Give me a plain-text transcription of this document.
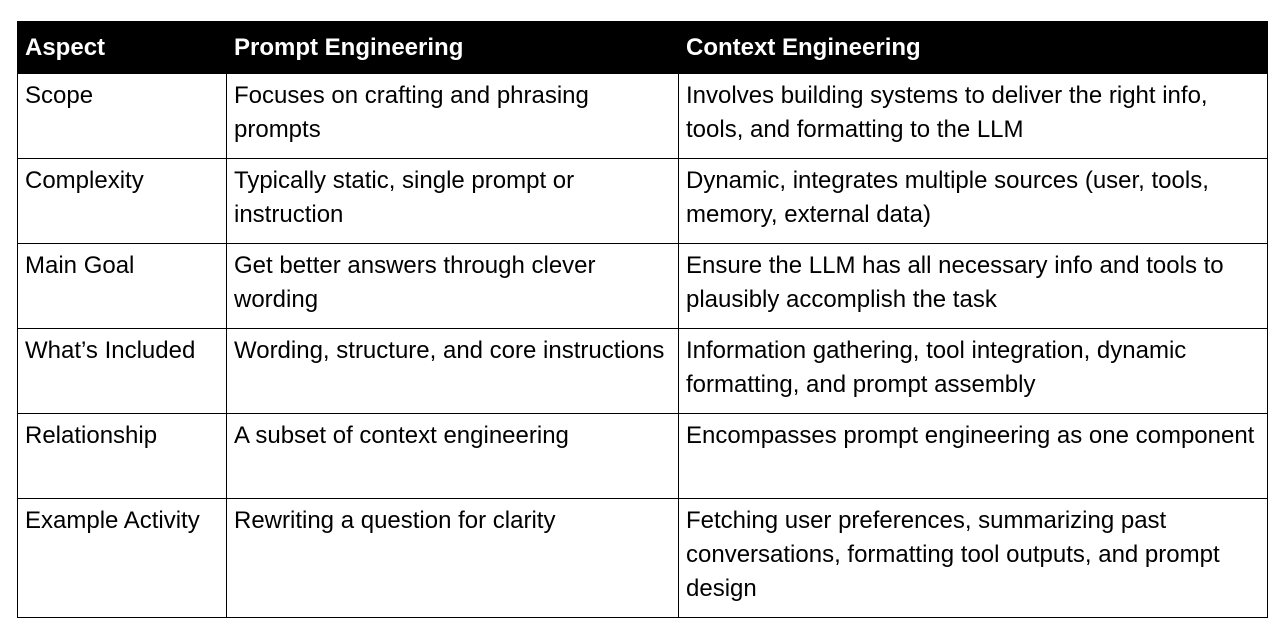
Aspect	Prompt Engineering	Context Engineering
Scope	Focuses on crafting and phrasing prompts	Involves building systems to deliver the right info, tools, and formatting to the LLM
Complexity	Typically static, single prompt or instruction	Dynamic, integrates multiple sources (user, tools, memory, external data)
Main Goal	Get better answers through clever wording	Ensure the LLM has all necessary info and tools to plausibly accomplish the task
What’s Included	Wording, structure, and core instructions	Information gathering, tool integration, dynamic formatting, and prompt assembly
Relationship	A subset of context engineering	Encompasses prompt engineering as one component
Example Activity	Rewriting a question for clarity	Fetching user preferences, summarizing past conversations, formatting tool outputs, and prompt design
